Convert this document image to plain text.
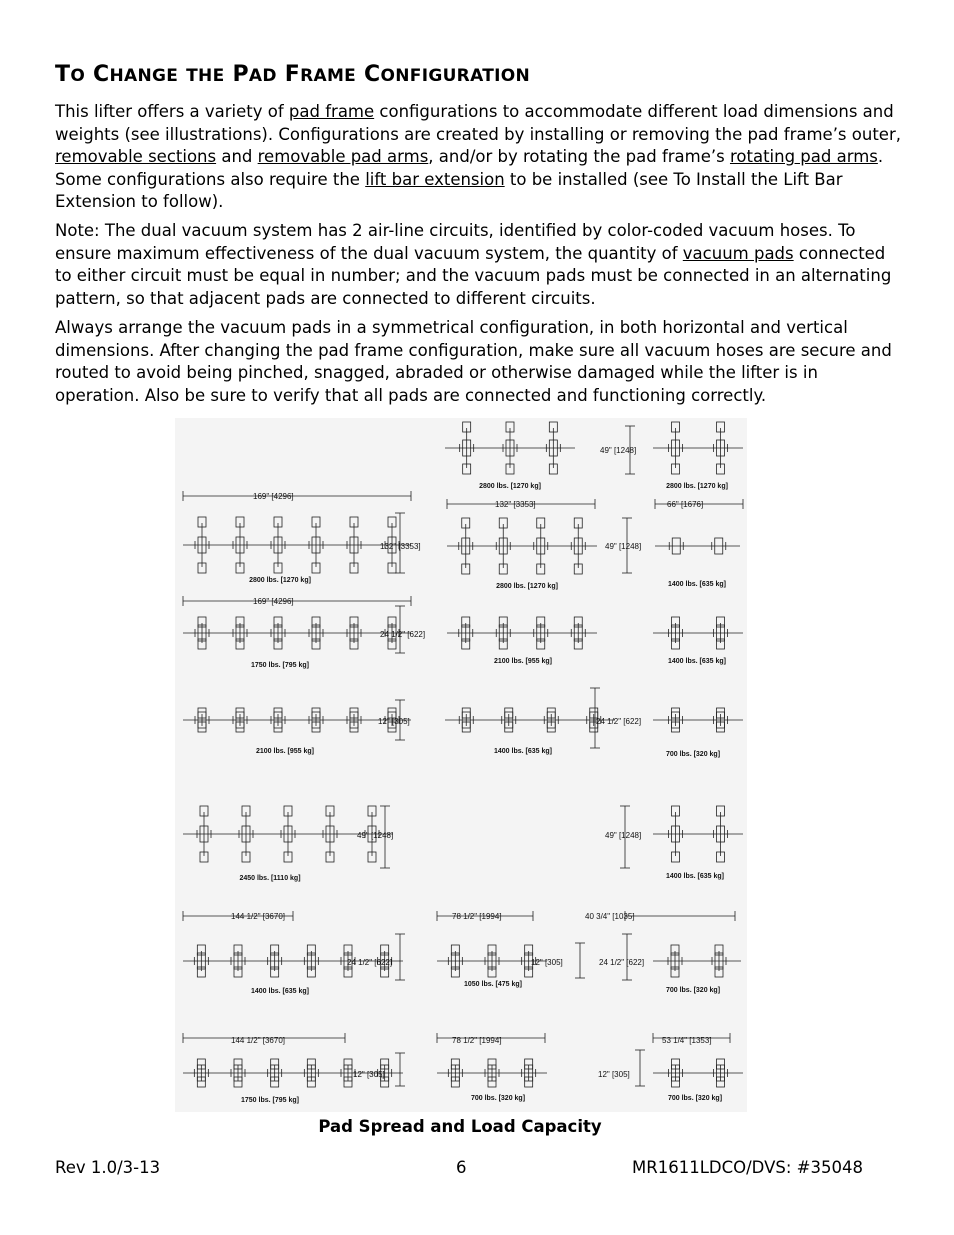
TO CHANGE THE PAD FRAME CONFIGURATION
This lifter offers a variety of pad frame configurations to accommodate different load dimensions and weights (see illustrations). Configurations are created by installing or removing the pad frame’s outer, removable sections and removable pad arms, and/or by rotating the pad frame’s rotating pad arms. Some configurations also require the lift bar extension to be installed (see To Install the Lift Bar Extension to follow).
Note: The dual vacuum system has 2 air-line circuits, identified by color-coded vacuum hoses. To ensure maximum effectiveness of the dual vacuum system, the quantity of vacuum pads connected to either circuit must be equal in number; and the vacuum pads must be connected in an alternating pattern, so that adjacent pads are connected to different circuits.
Always arrange the vacuum pads in a symmetrical configuration, in both horizontal and vertical dimensions. After changing the pad frame configuration, make sure all vacuum hoses are secure and routed to avoid being pinched, snagged, abraded or otherwise damaged while the lifter is in operation. Also be sure to verify that all pads are connected and functioning correctly.
2800 lbs. [1270 kg]
49" [1248]
2800 lbs. [1270 kg]
169" [4296]
2800 lbs. [1270 kg]
132" [3353]
132" [3353]
2800 lbs. [1270 kg]
49" [1248]
66" [1676]
1400 lbs. [635 kg]
169" [4296]
1750 lbs. [795 kg]
24 1/2" [622]
2100 lbs. [955 kg]	1400 lbs. [635 kg]
2100 lbs. [955 kg]
12" [305]
1400 lbs. [635 kg]
24 1/2" [622]
700 lbs. [320 kg]
2450 lbs. [1110 kg]
49" [1248]	49" [1248]
1400 lbs. [635 kg]
144 1/2" [3670]
1400 lbs. [635 kg]
24 1/2" [622]
78 1/2" [1994]
1050 lbs. [475 kg]
12" [305]
40 3/4" [1035]
700 lbs. [320 kg]
24 1/2" [622]
144 1/2" [3670]
1750 lbs. [795 kg]
12" [305]
78 1/2" [1994]
700 lbs. [320 kg]
53 1/4" [1353]
700 lbs. [320 kg]
12" [305]
Pad Spread and Load Capacity
Rev 1.0/3-13	6	MR1611LDCO/DVS: #35048
